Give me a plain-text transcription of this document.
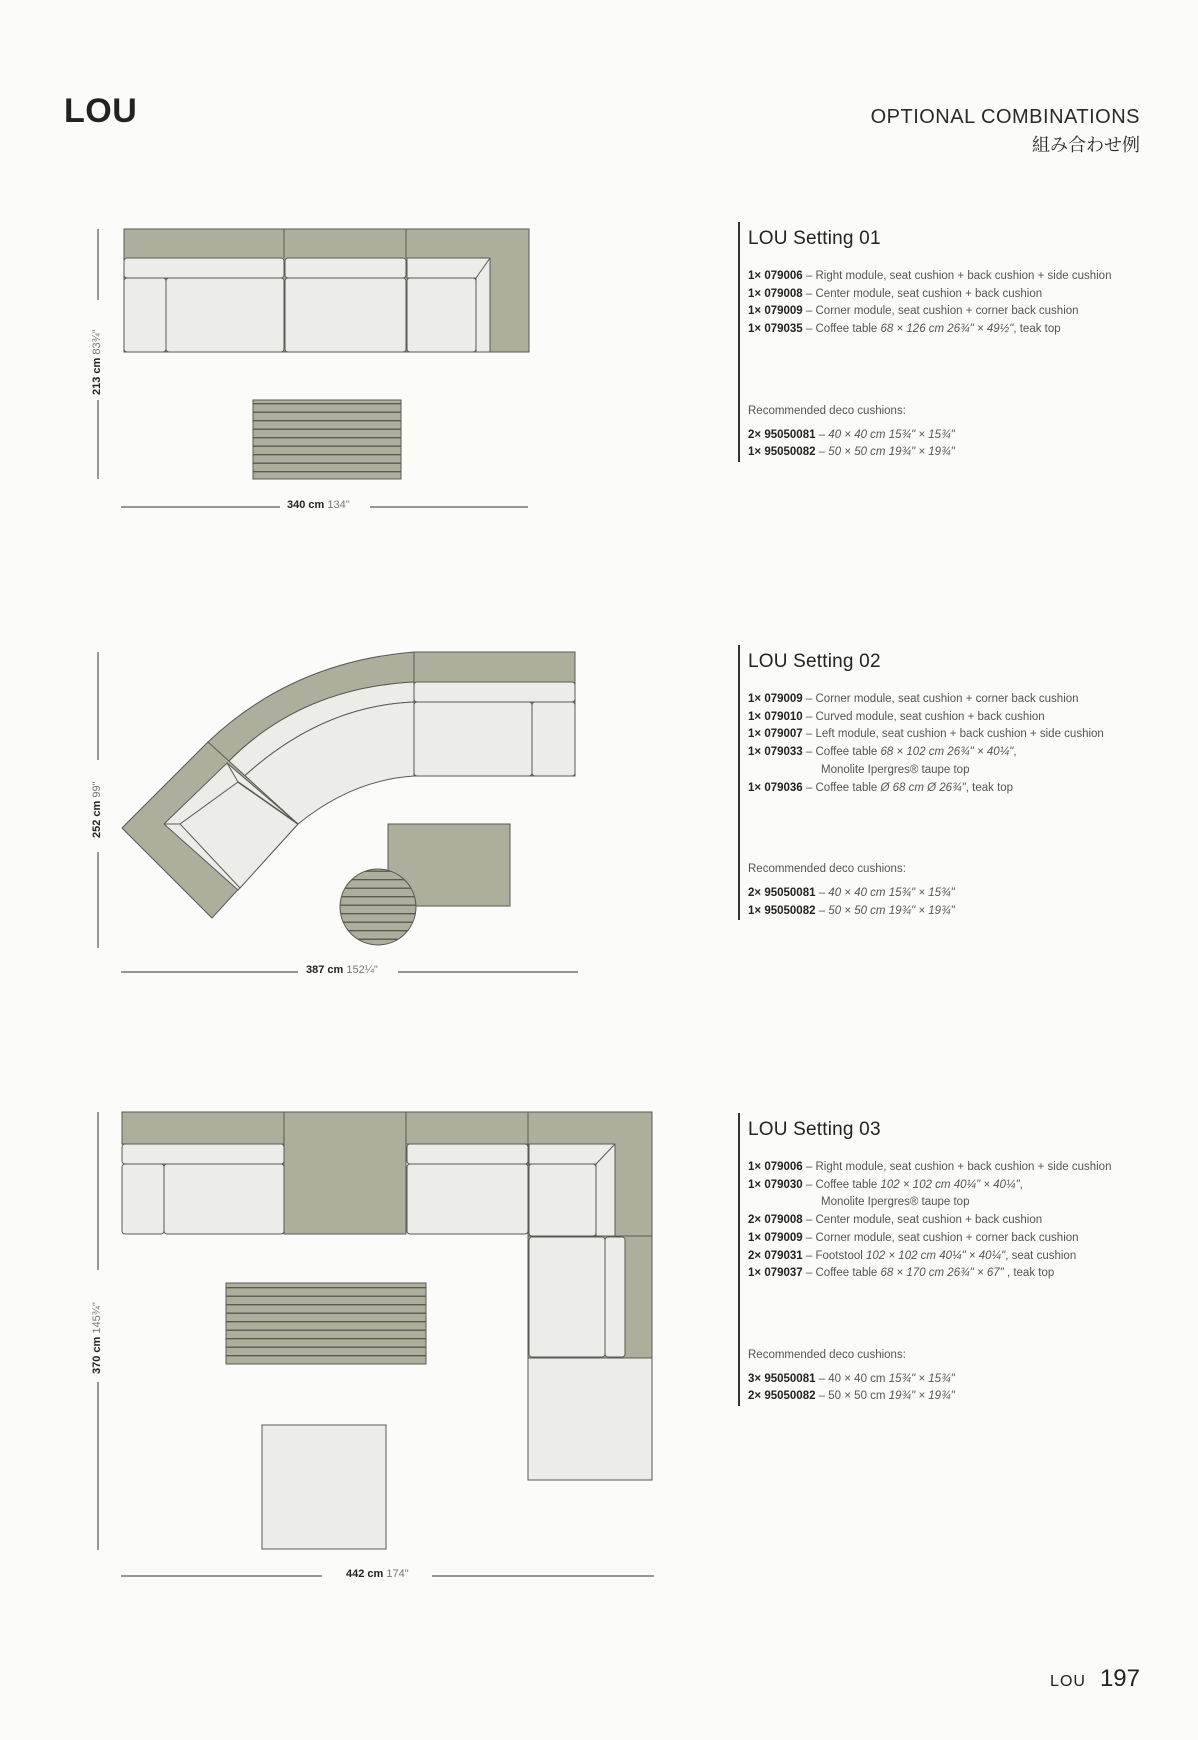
LOU	OPTIONAL COMBINATIONS
組み合わせ例
340 cm 134"
213 cm 83¾"
387 cm 152¼"
252 cm 99"
442 cm 174"
370 cm 145¾"
LOU Setting 01
1× 079006 – Right module, seat cushion + back cushion + side cushion
1× 079008 – Center module, seat cushion + back cushion
1× 079009 – Corner module, seat cushion + corner back cushion
1× 079035 – Coffee table 68 × 126 cm 26¾" × 49½", teak top
Recommended deco cushions:
2× 95050081 – 40 × 40 cm 15¾" × 15¾"
1× 95050082 – 50 × 50 cm 19¾" × 19¾"
LOU Setting 02
1× 079009 – Corner module, seat cushion + corner back cushion
1× 079010 – Curved module, seat cushion + back cushion
1× 079007 – Left module, seat cushion + back cushion + side cushion
1× 079033 – Coffee table 68 × 102 cm 26¾" × 40¼",
Monolite Ipergres® taupe top
1× 079036 – Coffee table Ø 68 cm Ø 26¾", teak top
Recommended deco cushions:
2× 95050081 – 40 × 40 cm 15¾" × 15¾"
1× 95050082 – 50 × 50 cm 19¾" × 19¾"
LOU Setting 03
1× 079006 – Right module, seat cushion + back cushion + side cushion
1× 079030 – Coffee table 102 × 102 cm 40¼" × 40¼",
Monolite Ipergres® taupe top
2× 079008 – Center module, seat cushion + back cushion
1× 079009 – Corner module, seat cushion + corner back cushion
2× 079031 – Footstool 102 × 102 cm 40¼" × 40¼", seat cushion
1× 079037 – Coffee table 68 × 170 cm 26¾" × 67" , teak top
Recommended deco cushions:
3× 95050081 – 40 × 40 cm 15¾" × 15¾"
2× 95050082 – 50 × 50 cm 19¾" × 19¾"
LOU 197
